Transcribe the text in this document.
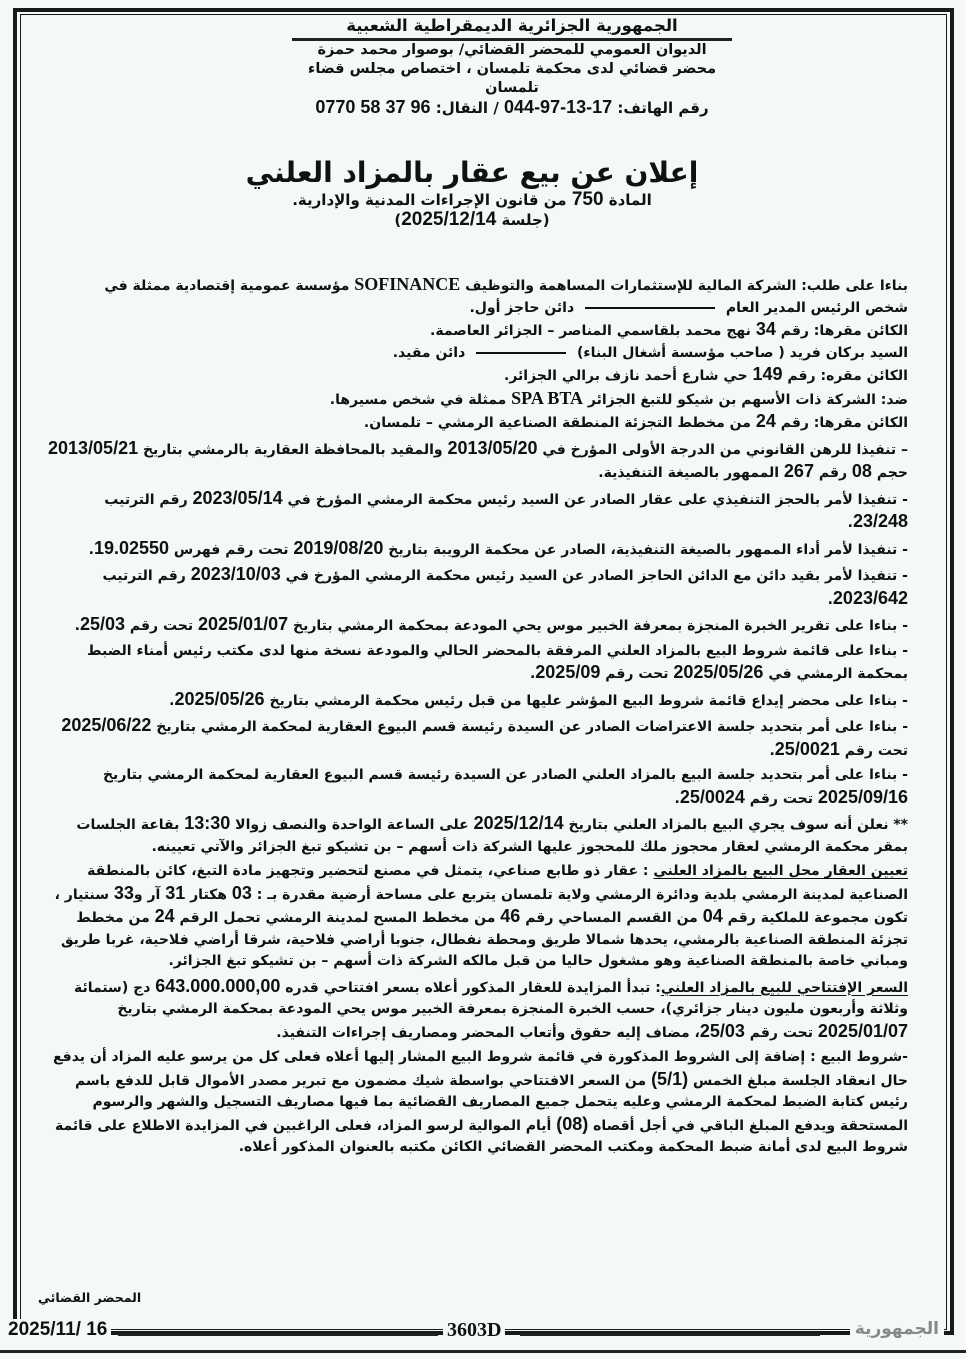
الجمهورية الجزائرية الديمقراطية الشعبية
الديوان العمومي للمحضر القضائي/ بوصوار محمد حمزة
محضر قضائي لدى محكمة تلمسان ، اختصاص مجلس قضاء تلمسان
رقم الهاتف: 044-97-13-17 / النقال: 0770 58 37 96
إعلان عن بيع عقار بالمزاد العلني
المادة 750 من قانون الإجراءات المدنية والإدارية.
(جلسة 2025/12/14)

بناءا على طلب: الشركة المالية للإستثمارات المساهمة والتوظيف SOFINANCE مؤسسة عمومية إقتصادية ممثلة في

شخص الرئيس المدير العام  دائن حاجز أول.

الكائن مقرها: رقم 34 نهج محمد بلقاسمي المناصر – الجزائر العاصمة.

السيد بركان فريد ( صاحب مؤسسة أشغال البناء)  دائن مقيد.

الكائن مقره: رقم 149 حي شارع أحمد نازف برالي الجزائر.

ضد: الشركة ذات الأسهم بن شيكو للتبغ الجزائر SPA BTA ممثلة في شخص مسيرها.

الكائن مقرها: رقم 24 من مخطط التجزئة المنطقة الصناعية الرمشي – تلمسان.

– تنفيذا للرهن القانوني من الدرجة الأولى المؤرخ في 2013/05/20 والمقيد بالمحافظة العقارية بالرمشي بتاريخ 2013/05/21 حجم 08 رقم 267 الممهور بالصيغة التنفيذية.

- تنفيذا لأمر بالحجز التنفيذي على عقار الصادر عن السيد رئيس محكمة الرمشي المؤرخ في 2023/05/14 رقم الترتيب 23/248.

- تنفيذا لأمر أداء الممهور بالصيغة التنفيذية، الصادر عن محكمة الرويبة بتاريخ 2019/08/20 تحت رقم فهرس 19.02550.

- تنفيذا لأمر بقيد دائن مع الدائن الحاجز الصادر عن السيد رئيس محكمة الرمشي المؤرخ في 2023/10/03 رقم الترتيب 2023/642.

- بناءا على تقرير الخبرة المنجزة بمعرفة الخبير موس يحي المودعة بمحكمة الرمشي بتاريخ 2025/01/07 تحت رقم 25/03.

- بناءا على قائمة شروط البيع بالمزاد العلني المرفقة بالمحضر الحالي والمودعة نسخة منها لدى مكتب رئيس أمناء الضبط بمحكمة الرمشي في 2025/05/26 تحت رقم 2025/09.

- بناءا على محضر إيداع قائمة شروط البيع المؤشر عليها من قبل رئيس محكمة الرمشي بتاريخ 2025/05/26.

- بناءا على أمر بتحديد جلسة الاعتراضات الصادر عن السيدة رئيسة قسم البيوع العقارية لمحكمة الرمشي بتاريخ 2025/06/22 تحت رقم 25/0021.

- بناءا على أمر بتحديد جلسة البيع بالمزاد العلني الصادر عن السيدة رئيسة قسم البيوع العقارية لمحكمة الرمشي بتاريخ 2025/09/16 تحت رقم 25/0024.

** نعلن أنه سوف يجري البيع بالمزاد العلني بتاريخ 2025/12/14 على الساعة الواحدة والنصف زوالا 13:30 بقاعة الجلسات بمقر محكمة الرمشي لعقار محجوز ملك للمحجوز عليها الشركة ذات أسهم – بن تشيكو تبغ الجزائر والآتي تعيينه.

تعيين العقار محل البيع بالمزاد العلني : عقار ذو طابع صناعي، يتمثل في مصنع لتحضير وتجهيز مادة التبغ، كائن بالمنطقة الصناعية لمدينة الرمشي بلدية ودائرة الرمشي ولاية تلمسان يتربع على مساحة أرضية مقدرة بـ : 03 هكتار 31 آر و33 سنتيار ، تكون مجموعة للملكية رقم 04 من القسم المساحي رقم 46 من مخطط المسح لمدينة الرمشي تحمل الرقم 24 من مخطط تجزئة المنطقة الصناعية بالرمشي، يحدها شمالا طريق ومحطة نفطال، جنوبا أراضي فلاحية، شرقا أراضي فلاحية، غربا طريق ومباني خاصة بالمنطقة الصناعية وهو مشغول حاليا من قبل مالكه الشركة ذات أسهم – بن تشيكو تبغ الجزائر.

السعر الإفتتاحي للبيع بالمزاد العلني: تبدأ المزايدة للعقار المذكور أعلاه بسعر افتتاحي قدره 643.000.000,00 دج (ستمائة وثلاثة وأربعون مليون دينار جزائري)، حسب الخبرة المنجزة بمعرفة الخبير موس يحي المودعة بمحكمة الرمشي بتاريخ 2025/01/07 تحت رقم 25/03، مضاف إليه حقوق وأتعاب المحضر ومصاريف إجراءات التنفيذ.

-شروط البيع : إضافة إلى الشروط المذكورة في قائمة شروط البيع المشار إليها أعلاه فعلى كل من يرسو عليه المزاد أن يدفع حال انعقاد الجلسة مبلغ الخمس (5/1) من السعر الافتتاحي بواسطة شيك مضمون مع تبرير مصدر الأموال قابل للدفع باسم رئيس كتابة الضبط لمحكمة الرمشي وعليه يتحمل جميع المصاريف القضائية بما فيها مصاريف التسجيل والشهر والرسوم المستحقة ويدفع المبلغ الباقي في أجل أقصاه (08) أيام الموالية لرسو المزاد، فعلى الراغبين في المزايدة الاطلاع على قائمة شروط البيع لدى أمانة ضبط المحكمة ومكتب المحضر القضائي الكائن مكتبه بالعنوان المذكور أعلاه.

المحضر القضائي
2025/11/ 16	3603D	الجمهورية
